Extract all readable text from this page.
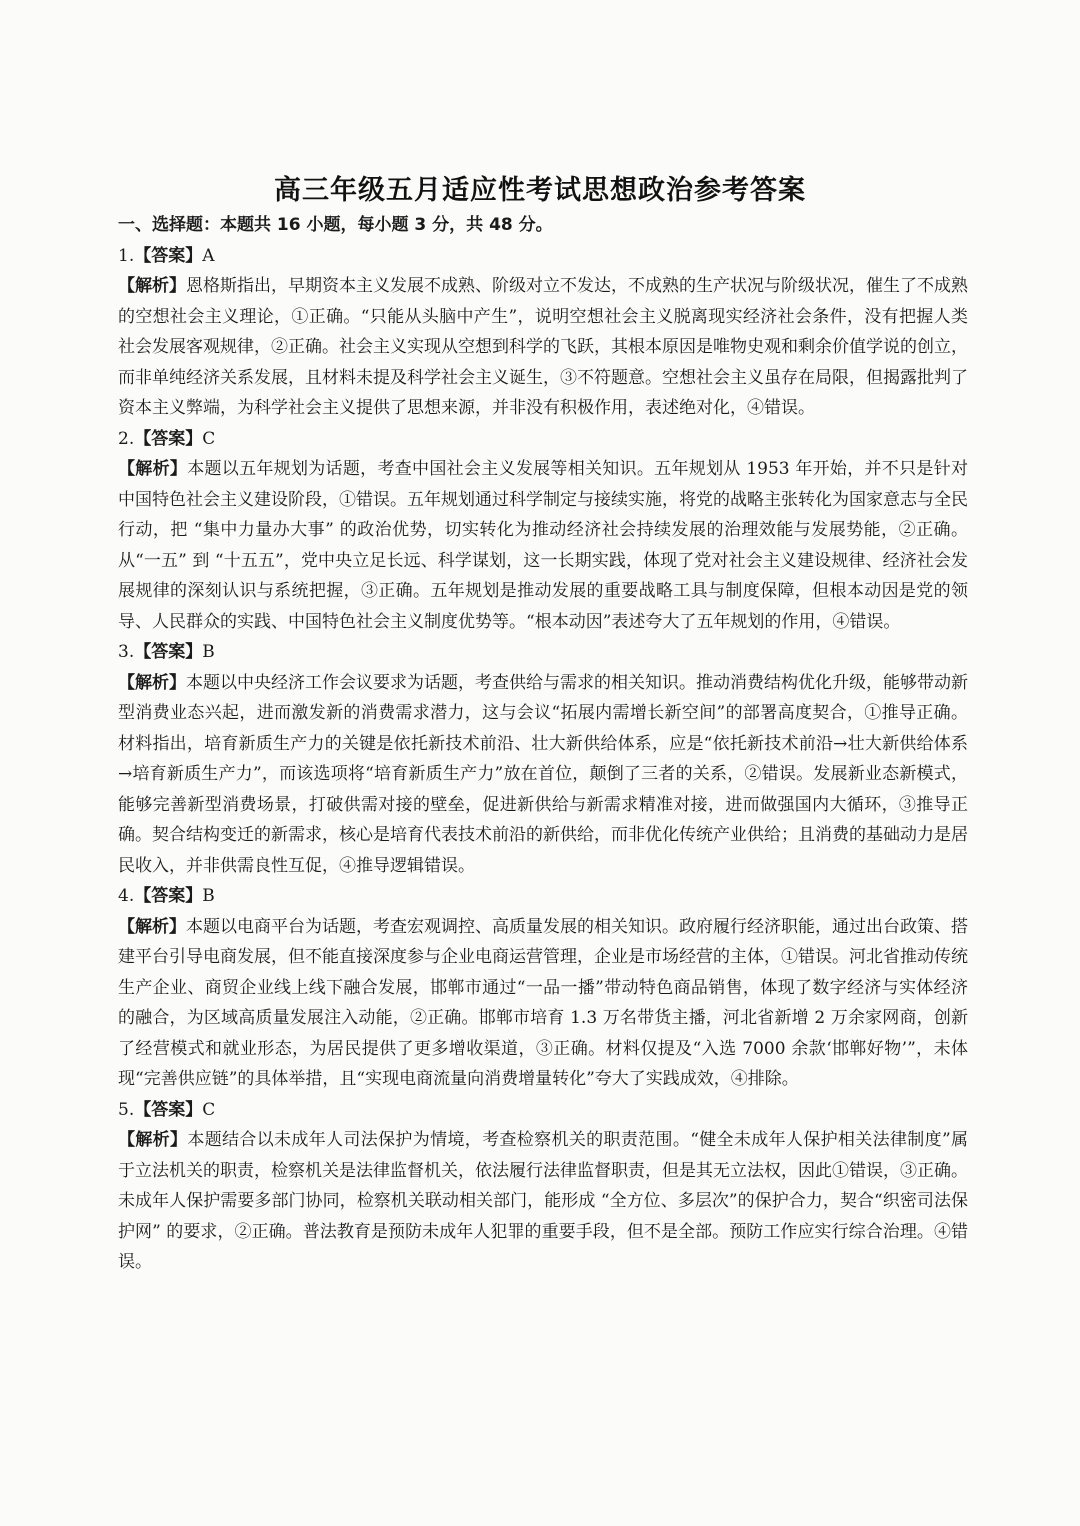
高三年级五月适应性考试思想政治参考答案

一、选择题：本题共 16 小题，每小题 3 分，共 48 分。

1.【答案】A

【解析】恩格斯指出，早期资本主义发展不成熟、阶级对立不发达，不成熟的生产状况与阶级状况，催生了不成熟的空想社会主义理论，①正确。“只能从头脑中产生”，说明空想社会主义脱离现实经济社会条件，没有把握人类社会发展客观规律，②正确。社会主义实现从空想到科学的飞跃，其根本原因是唯物史观和剩余价值学说的创立，而非单纯经济关系发展，且材料未提及科学社会主义诞生，③不符题意。空想社会主义虽存在局限，但揭露批判了资本主义弊端，为科学社会主义提供了思想来源，并非没有积极作用，表述绝对化，④错误。

2.【答案】C

【解析】本题以五年规划为话题，考查中国社会主义发展等相关知识。五年规划从 1953 年开始，并不只是针对中国特色社会主义建设阶段，①错误。五年规划通过科学制定与接续实施，将党的战略主张转化为国家意志与全民行动，把 “集中力量办大事” 的政治优势，切实转化为推动经济社会持续发展的治理效能与发展势能，②正确。从“一五” 到 “十五五”，党中央立足长远、科学谋划，这一长期实践，体现了党对社会主义建设规律、经济社会发展规律的深刻认识与系统把握，③正确。五年规划是推动发展的重要战略工具与制度保障，但根本动因是党的领导、人民群众的实践、中国特色社会主义制度优势等。“根本动因”表述夸大了五年规划的作用，④错误。

3.【答案】B

【解析】本题以中央经济工作会议要求为话题，考查供给与需求的相关知识。推动消费结构优化升级，能够带动新型消费业态兴起，进而激发新的消费需求潜力，这与会议“拓展内需增长新空间”的部署高度契合，①推导正确。材料指出，培育新质生产力的关键是依托新技术前沿、壮大新供给体系，应是“依托新技术前沿→壮大新供给体系→培育新质生产力”，而该选项将“培育新质生产力”放在首位，颠倒了三者的关系，②错误。发展新业态新模式，能够完善新型消费场景，打破供需对接的壁垒，促进新供给与新需求精准对接，进而做强国内大循环，③推导正确。契合结构变迁的新需求，核心是培育代表技术前沿的新供给，而非优化传统产业供给；且消费的基础动力是居民收入，并非供需良性互促，④推导逻辑错误。

4.【答案】B

【解析】本题以电商平台为话题，考查宏观调控、高质量发展的相关知识。政府履行经济职能，通过出台政策、搭建平台引导电商发展，但不能直接深度参与企业电商运营管理，企业是市场经营的主体，①错误。河北省推动传统生产企业、商贸企业线上线下融合发展，邯郸市通过“一品一播”带动特色商品销售，体现了数字经济与实体经济的融合，为区域高质量发展注入动能，②正确。邯郸市培育 1.3 万名带货主播，河北省新增 2 万余家网商，创新了经营模式和就业形态，为居民提供了更多增收渠道，③正确。材料仅提及“入选 7000 余款‘邯郸好物’”，未体现“完善供应链”的具体举措，且“实现电商流量向消费增量转化”夸大了实践成效，④排除。

5.【答案】C

【解析】本题结合以未成年人司法保护为情境，考查检察机关的职责范围。“健全未成年人保护相关法律制度”属于立法机关的职责，检察机关是法律监督机关，依法履行法律监督职责，但是其无立法权，因此①错误，③正确。未成年人保护需要多部门协同，检察机关联动相关部门，能形成 “全方位、多层次”的保护合力，契合“织密司法保护网” 的要求，②正确。普法教育是预防未成年人犯罪的重要手段，但不是全部。预防工作应实行综合治理。④错误。
